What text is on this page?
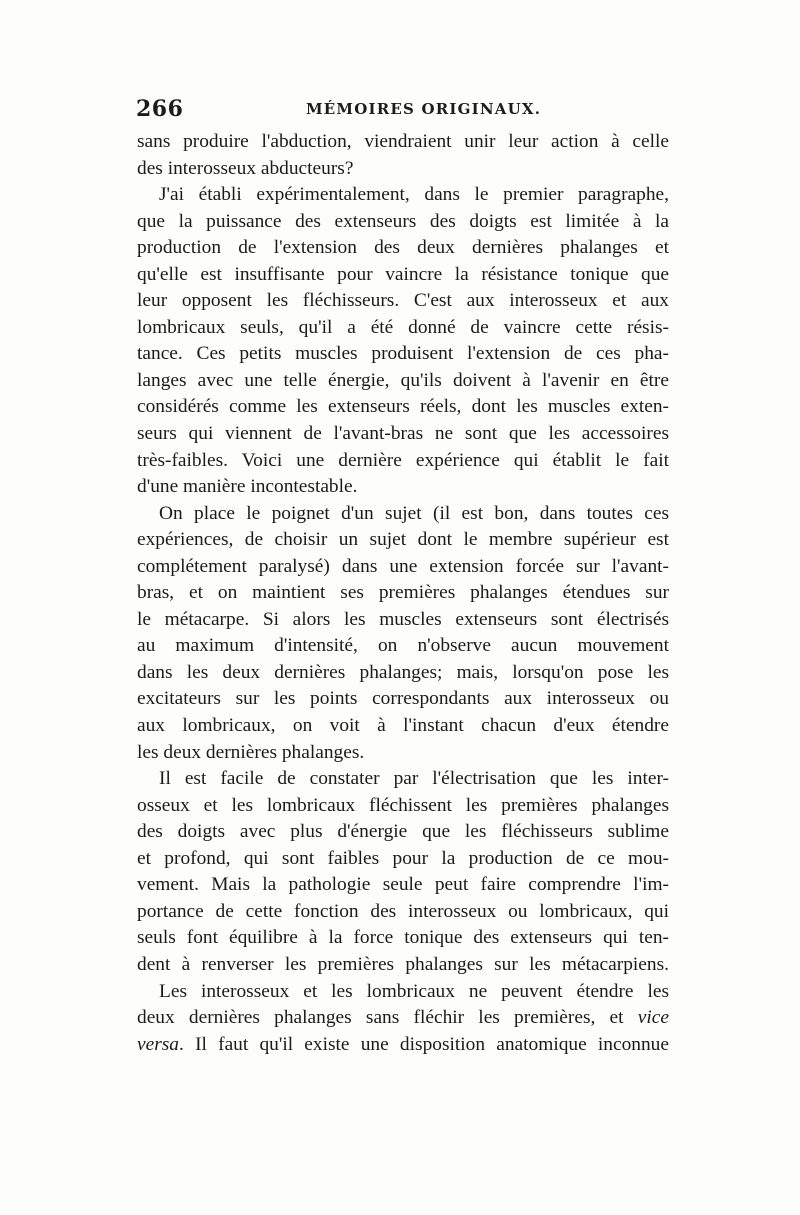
266	MÉMOIRES ORIGINAUX.
sans produire l'abduction, viendraient unir leur action à celle
des interosseux abducteurs?
J'ai établi expérimentalement, dans le premier paragraphe,
que la puissance des extenseurs des doigts est limitée à la
production de l'extension des deux dernières phalanges et
qu'elle est insuffisante pour vaincre la résistance tonique que
leur opposent les fléchisseurs. C'est aux interosseux et aux
lombricaux seuls, qu'il a été donné de vaincre cette résis-
tance. Ces petits muscles produisent l'extension de ces pha-
langes avec une telle énergie, qu'ils doivent à l'avenir en être
considérés comme les extenseurs réels, dont les muscles exten-
seurs qui viennent de l'avant-bras ne sont que les accessoires
très-faibles. Voici une dernière expérience qui établit le fait
d'une manière incontestable.
On place le poignet d'un sujet (il est bon, dans toutes ces
expériences, de choisir un sujet dont le membre supérieur est
complétement paralysé) dans une extension forcée sur l'avant-
bras, et on maintient ses premières phalanges étendues sur
le métacarpe. Si alors les muscles extenseurs sont électrisés
au maximum d'intensité, on n'observe aucun mouvement
dans les deux dernières phalanges; mais, lorsqu'on pose les
excitateurs sur les points correspondants aux interosseux ou
aux lombricaux, on voit à l'instant chacun d'eux étendre
les deux dernières phalanges.
Il est facile de constater par l'électrisation que les inter-
osseux et les lombricaux fléchissent les premières phalanges
des doigts avec plus d'énergie que les fléchisseurs sublime
et profond, qui sont faibles pour la production de ce mou-
vement. Mais la pathologie seule peut faire comprendre l'im-
portance de cette fonction des interosseux ou lombricaux, qui
seuls font équilibre à la force tonique des extenseurs qui ten-
dent à renverser les premières phalanges sur les métacarpiens.
Les interosseux et les lombricaux ne peuvent étendre les
deux dernières phalanges sans fléchir les premières, et vice
versa. Il faut qu'il existe une disposition anatomique inconnue
